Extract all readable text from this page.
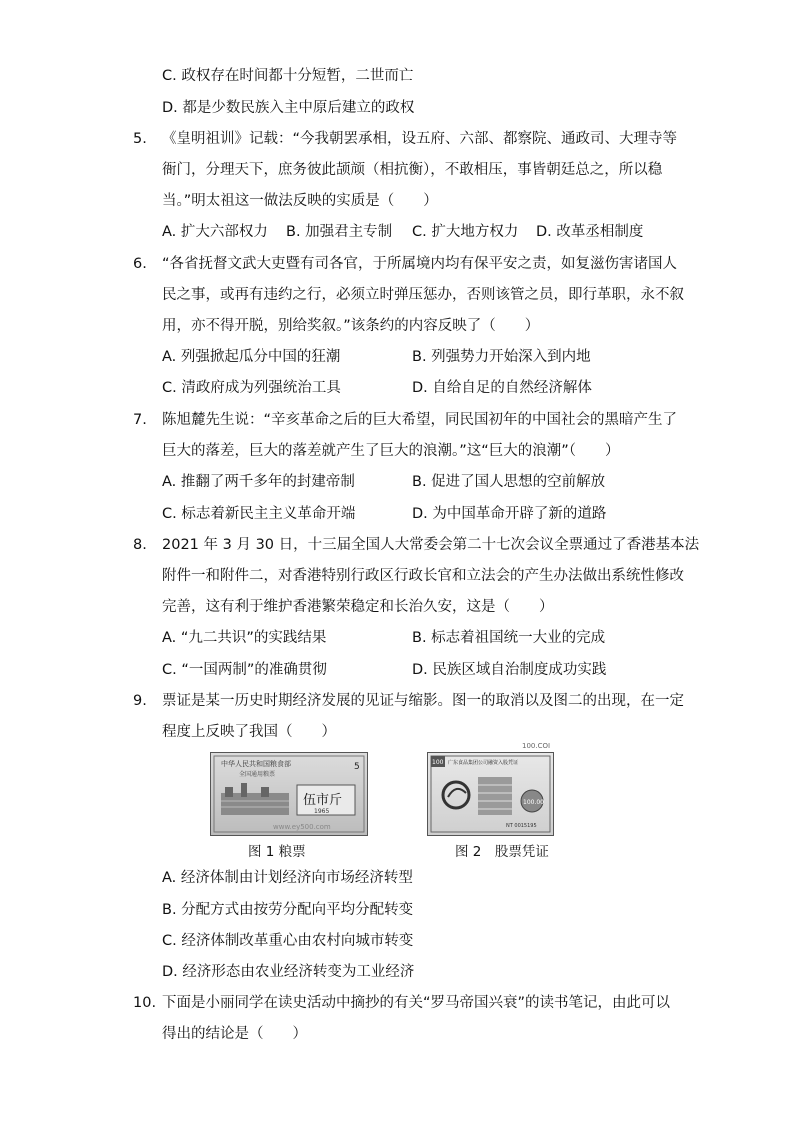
C. 政权存在时间都十分短暂，二世而亡
D. 都是少数民族入主中原后建立的政权
5. 《皇明祖训》记载：“今我朝罢承相，设五府、六部、都察院、通政司、大理寺等
衙门，分理天下，庶务彼此颉颃（相抗衡），不敢相压，事皆朝廷总之，所以稳
当。”明太祖这一做法反映的实质是（　　）
A. 扩大六部权力 B. 加强君主专制 C. 扩大地方权力 D. 改革丞相制度
6. “各省抚督文武大吏暨有司各官，于所属境内均有保平安之责，如复滋伤害诸国人
民之事，或再有违约之行，必须立时弹压惩办，否则该管之员，即行革职，永不叙
用，亦不得开脱，别给奖叙。”该条约的内容反映了（　　）
A. 列强掀起瓜分中国的狂潮	B. 列强势力开始深入到内地
C. 清政府成为列强统治工具	D. 自给自足的自然经济解体
7. 陈旭麓先生说：“辛亥革命之后的巨大希望，同民国初年的中国社会的黑暗产生了
巨大的落差，巨大的落差就产生了巨大的浪潮。”这“巨大的浪潮”（　　）
A. 推翻了两千多年的封建帝制	B. 促进了国人思想的空前解放
C. 标志着新民主主义革命开端	D. 为中国革命开辟了新的道路
8. 2021 年 3 月 30 日，十三届全国人大常委会第二十七次会议全票通过了香港基本法
附件一和附件二，对香港特别行政区行政长官和立法会的产生办法做出系统性修改
完善，这有利于维护香港繁荣稳定和长治久安，这是（　　）
A. “九二共识”的实践结果	B. 标志着祖国统一大业的完成
C. “一国两制”的准确贯彻	D. 民族区域自治制度成功实践
9. 票证是某一历史时期经济发展的见证与缩影。图一的取消以及图二的出现，在一定
程度上反映了我国（　　）
中华人民共和国粮食部
全国通用粮票
5
伍市斤
1965
www.ey500.com
图 1 粮票
100 广东食品集团公司融资入股凭证
100.00
NT 0015195
100.COI
图 2　股票凭证
A. 经济体制由计划经济向市场经济转型
B. 分配方式由按劳分配向平均分配转变
C. 经济体制改革重心由农村向城市转变
D. 经济形态由农业经济转变为工业经济
10. 下面是小丽同学在读史活动中摘抄的有关“罗马帝国兴衰”的读书笔记，由此可以
得出的结论是（　　）
